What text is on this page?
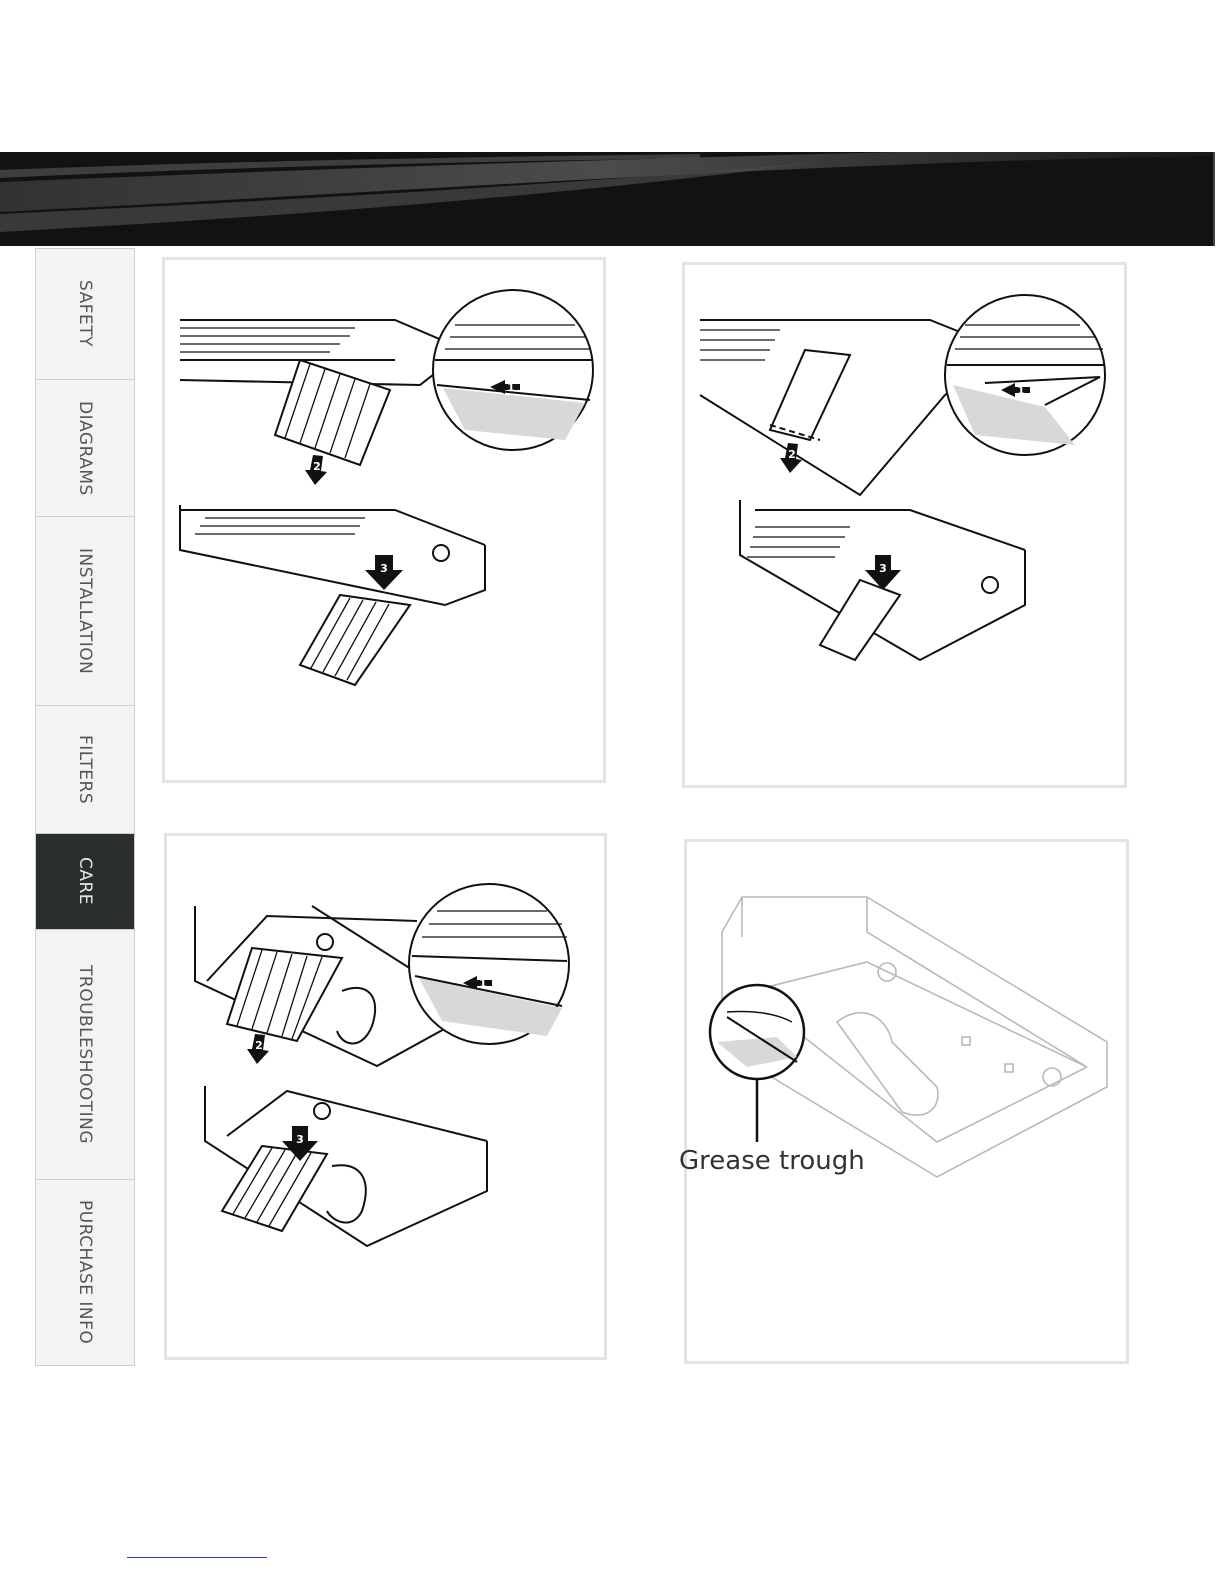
SAFETY
DIAGRAMS
INSTALLATION
FILTERS
CARE
TROUBLESHOOTING
PURCHASE INFO
1
2
3
1
2
3
1
2
3
Grease trough
